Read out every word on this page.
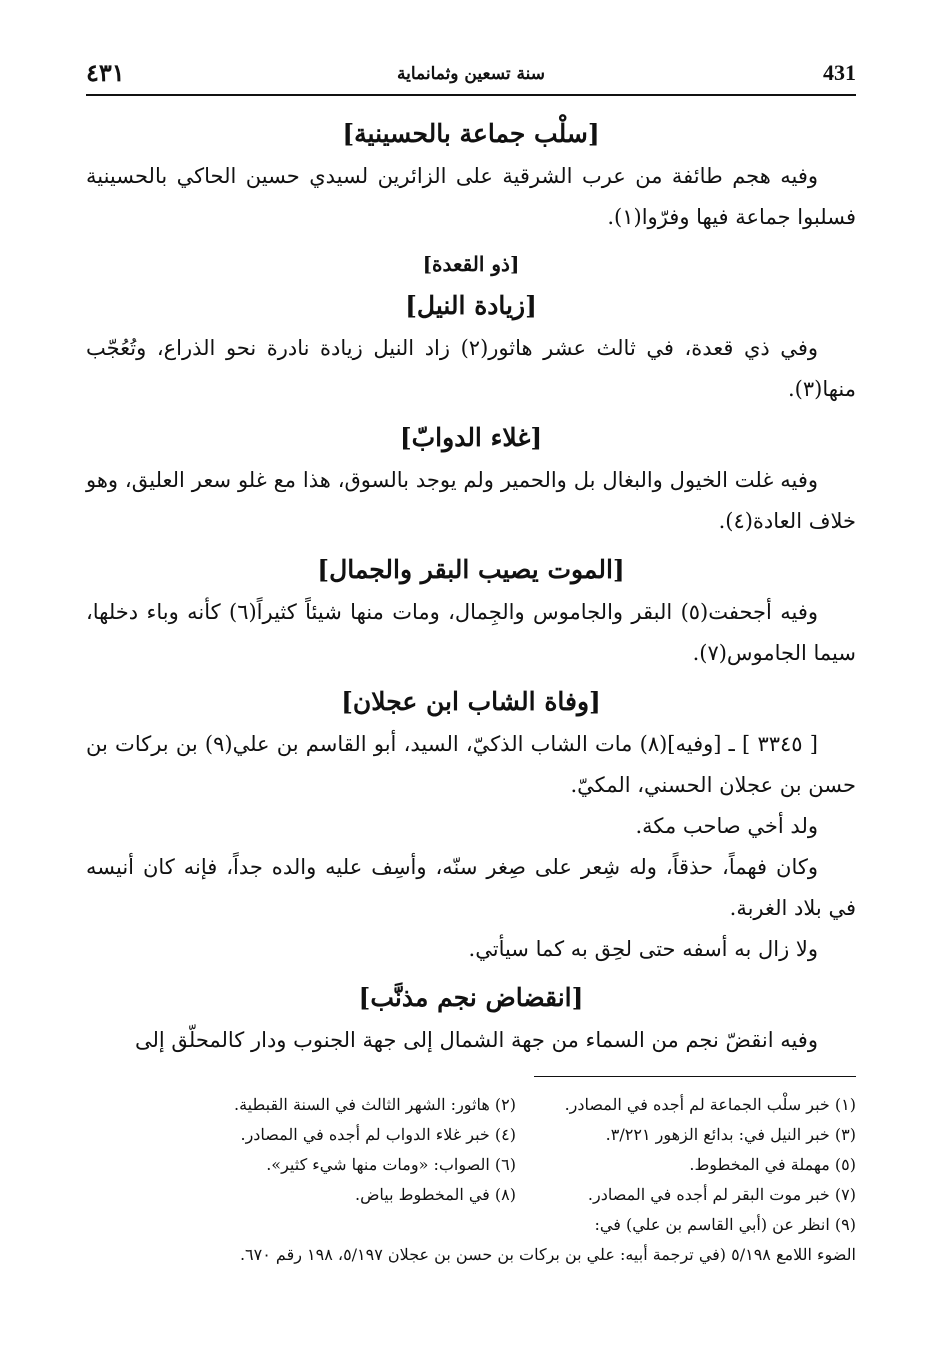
٤٣١	سنة تسعين وثمانماية	431
[سلْب جماعة بالحسينية]

وفيه هجم طائفة من عرب الشرقية على الزائرين لسيدي حسين الحاكي بالحسينية فسلبوا جماعة فيها وفرّوا(١).

[ذو القعدة]
[زيادة النيل]

وفي ذي قعدة، في ثالث عشر هاثور(٢) زاد النيل زيادة نادرة نحو الذراع، وتُعُجّب منها(٣).

[غلاء الدوابّ]

وفيه غلت الخيول والبغال بل والحمير ولم يوجد بالسوق، هذا مع غلو سعر العليق، وهو خلاف العادة(٤).

[الموت يصيب البقر والجمال]

وفيه أجحفت(٥) البقر والجاموس والجِمال، ومات منها شيئاً كثيراً(٦) كأنه وباء دخلها، سيما الجاموس(٧).

[وفاة الشاب ابن عجلان]

[ ٣٣٤٥ ] ـ [وفيه](٨) مات الشاب الذكيّ، السيد، أبو القاسم بن علي(٩) بن بركات بن حسن بن عجلان الحسني، المكيّ.

ولد أخي صاحب مكة.

وكان فهماً، حذقاً، وله شِعر على صِغر سنّه، وأسِف عليه والده جداً، فإنه كان أنيسه في بلاد الغربة.

ولا زال به أسفه حتى لحِق به كما سيأتي.

[انقضاض نجم مذنَّب]

وفيه انقضّ نجم من السماء من جهة الشمال إلى جهة الجنوب ودار كالمحلّق إلى

(١) خبر سلْب الجماعة لم أجده في المصادر.
(٢) هاثور: الشهر الثالث في السنة القبطية.
(٣) خبر النيل في: بدائع الزهور ٣/٢٢١.
(٤) خبر غلاء الدواب لم أجده في المصادر.
(٥) مهملة في المخطوط.
(٦) الصواب: «ومات منها شيء كثير».
(٧) خبر موت البقر لم أجده في المصادر.
(٨) في المخطوط بياض.
(٩) انظر عن (أبي القاسم بن علي) في:
الضوء اللامع ٥/١٩٨ (في ترجمة أبيه: علي بن بركات بن حسن بن عجلان ٥/١٩٧، ١٩٨ رقم ٦٧٠.
